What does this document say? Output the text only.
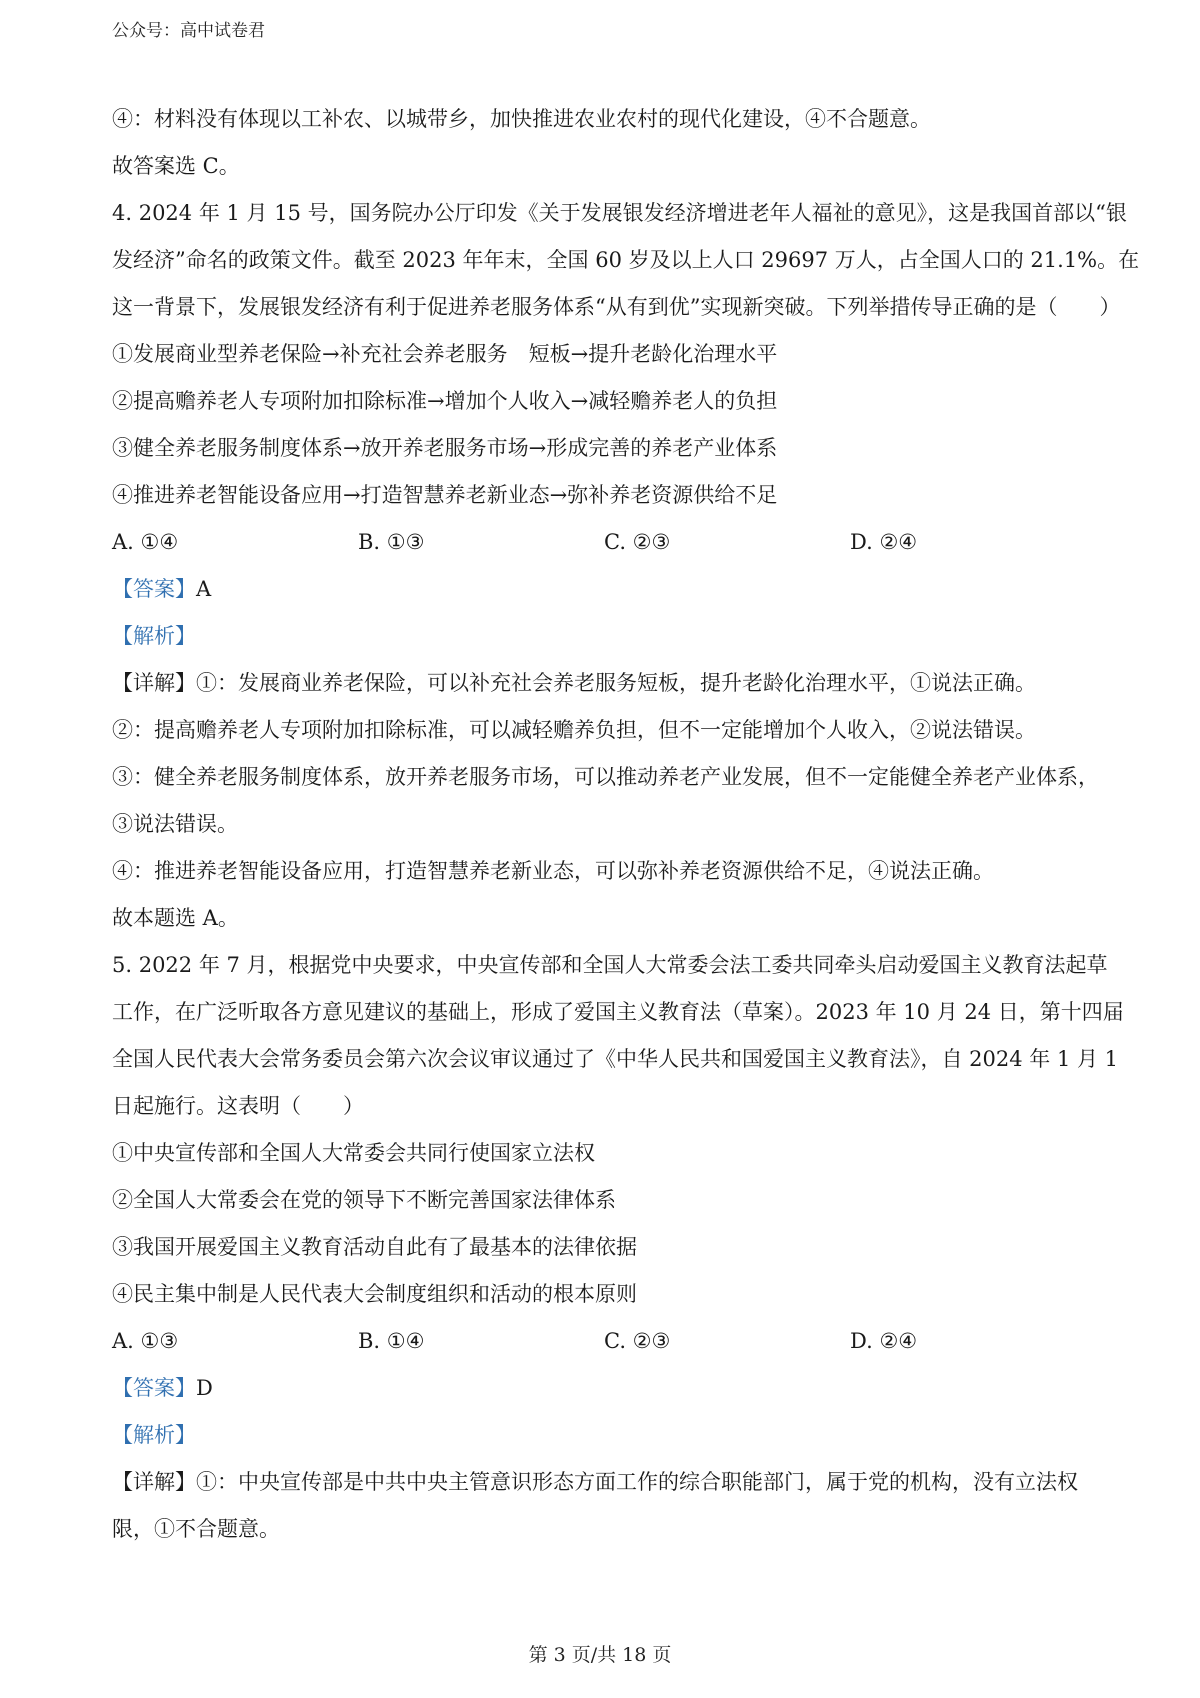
公众号：高中试卷君

④：材料没有体现以工补农、以城带乡，加快推进农业农村的现代化建设，④不合题意。

故答案选 C。

4. 2024 年 1 月 15 号，国务院办公厅印发《关于发展银发经济增进老年人福祉的意见》，这是我国首部以“银

发经济”命名的政策文件。截至 2023 年年末，全国 60 岁及以上人口 29697 万人，占全国人口的 21.1%。在

这一背景下，发展银发经济有利于促进养老服务体系“从有到优”实现新突破。下列举措传导正确的是（　　）

①发展商业型养老保险→补充社会养老服务　短板→提升老龄化治理水平

②提高赡养老人专项附加扣除标准→增加个人收入→减轻赡养老人的负担

③健全养老服务制度体系→放开养老服务市场→形成完善的养老产业体系

④推进养老智能设备应用→打造智慧养老新业态→弥补养老资源供给不足

A. ①④	B. ①③	C. ②③	D. ②④

【答案】A

【解析】

【详解】①：发展商业养老保险，可以补充社会养老服务短板，提升老龄化治理水平，①说法正确。

②：提高赡养老人专项附加扣除标准，可以减轻赡养负担，但不一定能增加个人收入，②说法错误。

③：健全养老服务制度体系，放开养老服务市场，可以推动养老产业发展，但不一定能健全养老产业体系，

③说法错误。

④：推进养老智能设备应用，打造智慧养老新业态，可以弥补养老资源供给不足，④说法正确。

故本题选 A。

5. 2022 年 7 月，根据党中央要求，中央宣传部和全国人大常委会法工委共同牵头启动爱国主义教育法起草

工作，在广泛听取各方意见建议的基础上，形成了爱国主义教育法（草案）。2023 年 10 月 24 日，第十四届

全国人民代表大会常务委员会第六次会议审议通过了《中华人民共和国爱国主义教育法》，自 2024 年 1 月 1

日起施行。这表明（　　）

①中央宣传部和全国人大常委会共同行使国家立法权

②全国人大常委会在党的领导下不断完善国家法律体系

③我国开展爱国主义教育活动自此有了最基本的法律依据

④民主集中制是人民代表大会制度组织和活动的根本原则

A. ①③	B. ①④	C. ②③	D. ②④

【答案】D

【解析】

【详解】①：中央宣传部是中共中央主管意识形态方面工作的综合职能部门，属于党的机构，没有立法权

限，①不合题意。

第 3 页/共 18 页
